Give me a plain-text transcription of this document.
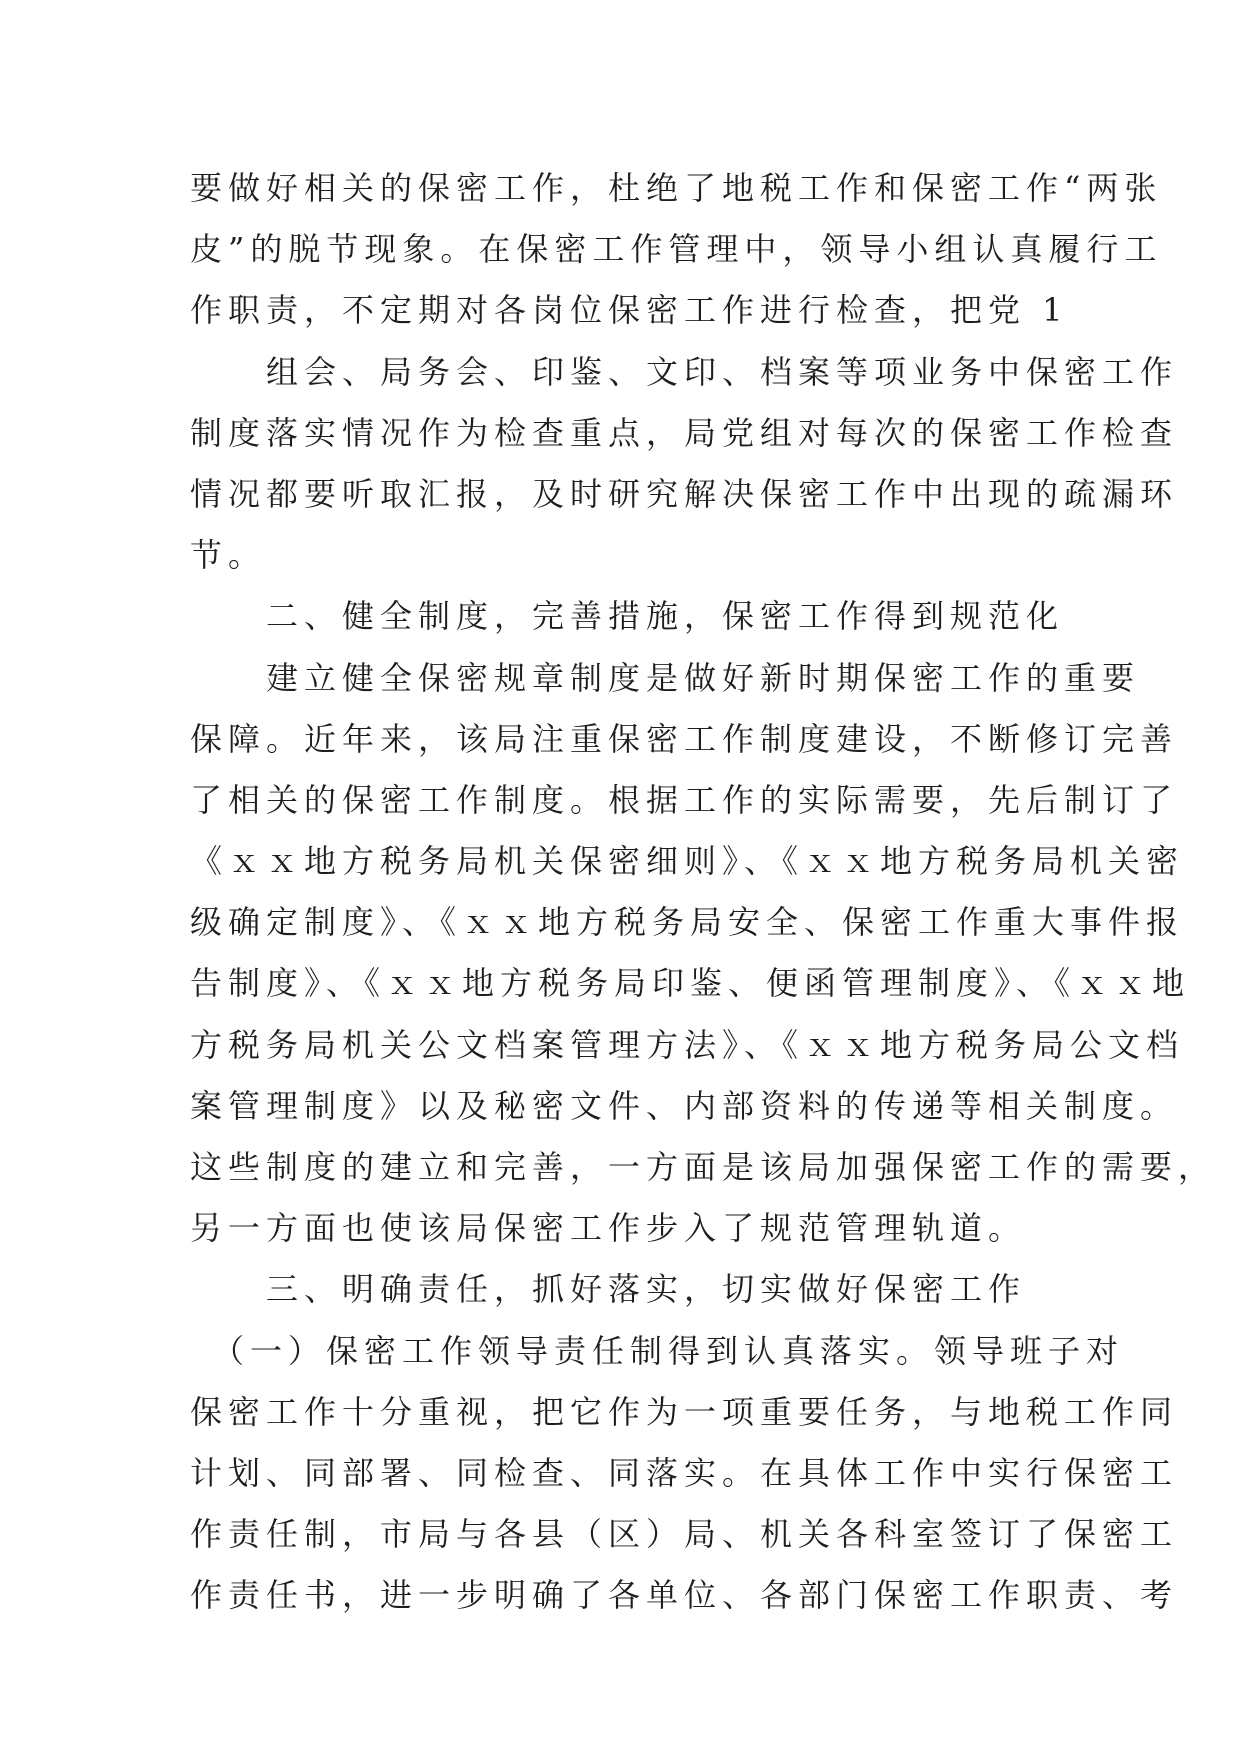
要做好相关的保密工作，杜绝了地税工作和保密工作“两张
皮”的脱节现象。在保密工作管理中，领导小组认真履行工
作职责，不定期对各岗位保密工作进行检查，把党 1
　　组会、局务会、印鉴、文印、档案等项业务中保密工作
制度落实情况作为检查重点，局党组对每次的保密工作检查
情况都要听取汇报，及时研究解决保密工作中出现的疏漏环
节。
　　二、健全制度，完善措施，保密工作得到规范化
　　建立健全保密规章制度是做好新时期保密工作的重要
保障。近年来，该局注重保密工作制度建设，不断修订完善
了相关的保密工作制度。根据工作的实际需要，先后制订了
《ｘｘ地方税务局机关保密细则》、《ｘｘ地方税务局机关密
级确定制度》、《ｘｘ地方税务局安全、保密工作重大事件报
告制度》、《ｘｘ地方税务局印鉴、便函管理制度》、《ｘｘ地
方税务局机关公文档案管理方法》、《ｘｘ地方税务局公文档
案管理制度》以及秘密文件、内部资料的传递等相关制度。
这些制度的建立和完善，一方面是该局加强保密工作的需要，
另一方面也使该局保密工作步入了规范管理轨道。
　　三、明确责任，抓好落实，切实做好保密工作
　（一）保密工作领导责任制得到认真落实。领导班子对
保密工作十分重视，把它作为一项重要任务，与地税工作同
计划、同部署、同检查、同落实。在具体工作中实行保密工
作责任制，市局与各县（区）局、机关各科室签订了保密工
作责任书，进一步明确了各单位、各部门保密工作职责、考
